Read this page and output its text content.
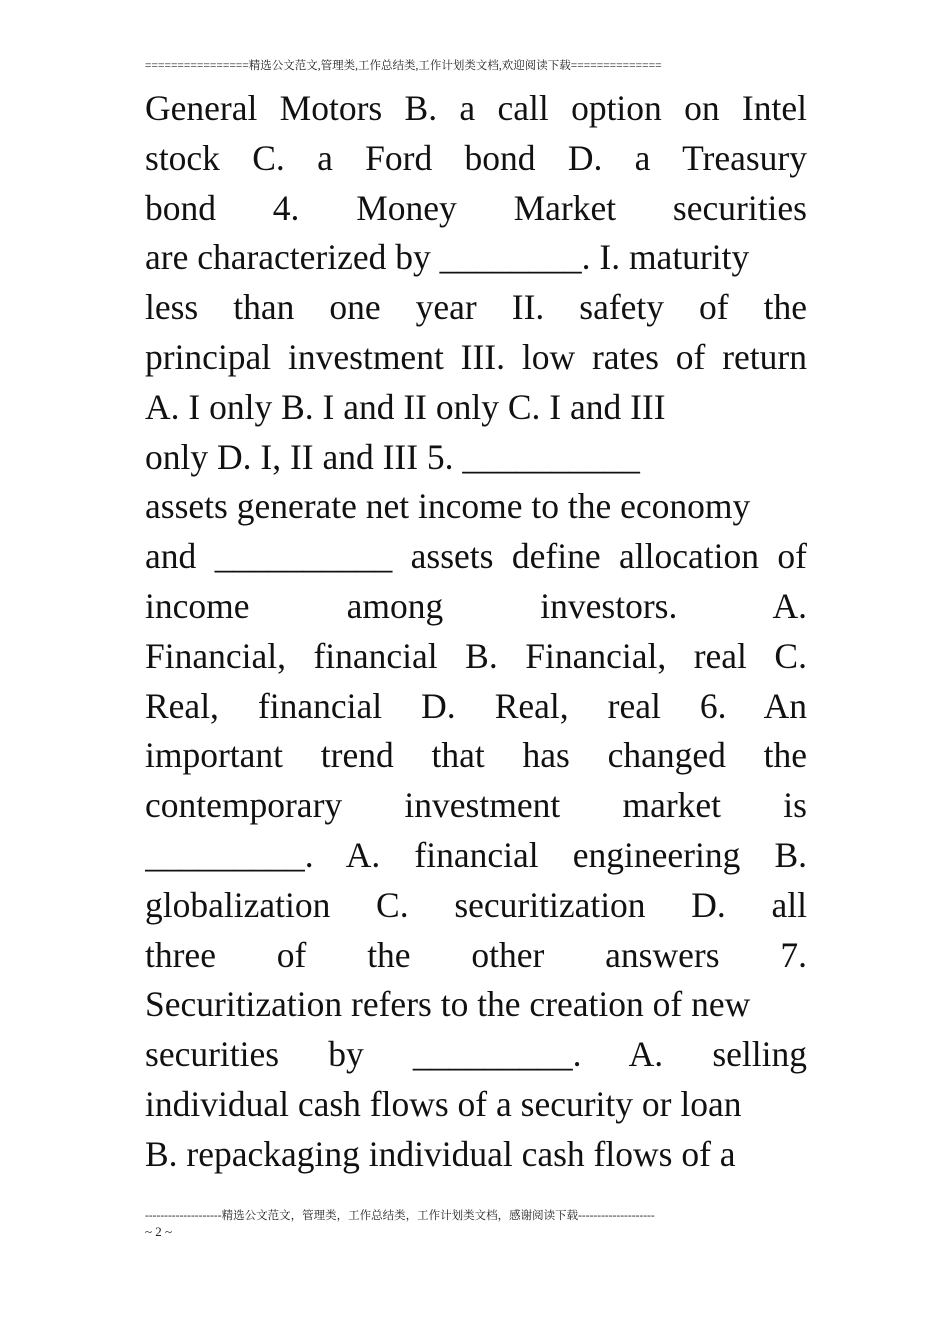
================精选公文范文,管理类,工作总结类,工作计划类文档,欢迎阅读下载==============
General Motors B. a call option on Intel
stock C. a Ford bond D. a Treasury
bond 4. Money Market securities
are characterized by ________. I. maturity
less than one year II. safety of the
principal investment III. low rates of return
A. I only B. I and II only C. I and III
only D. I, II and III 5. __________
assets generate net income to the economy
and __________ assets define allocation of
income among investors. A.
Financial, financial B. Financial, real C.
Real, financial D. Real, real 6. An
important trend that has changed the
contemporary investment market is
_________. A. financial engineering B.
globalization C. securitization D. all
three of the other answers 7.
Securitization refers to the creation of new
securities by _________. A. selling
individual cash flows of a security or loan
B. repackaging individual cash flows of a
--------------------精选公文范文，管理类，工作总结类，工作计划类文档，感谢阅读下载--------------------
~ 2 ~
